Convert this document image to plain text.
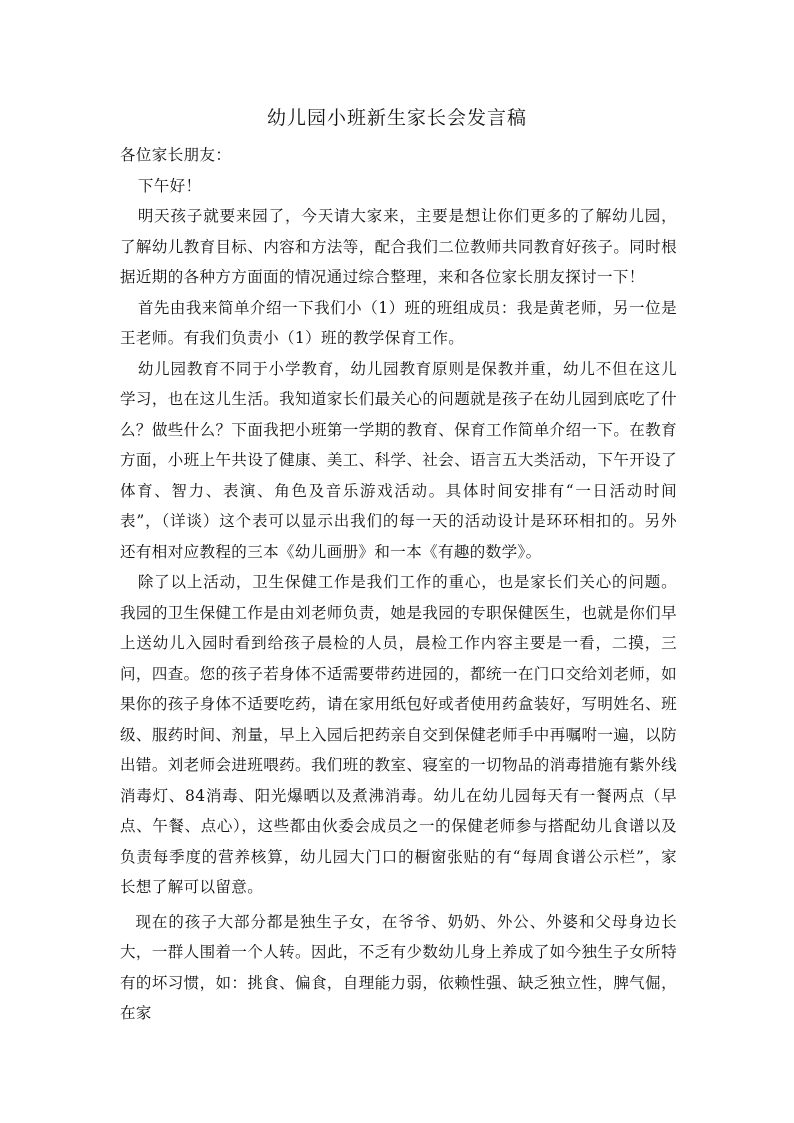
幼儿园小班新生家长会发言稿

各位家长朋友：

下午好！

明天孩子就要来园了，今天请大家来，主要是想让你们更多的了解幼儿园，了解幼儿教育目标、内容和方法等，配合我们二位教师共同教育好孩子。同时根据近期的各种方方面面的情况通过综合整理，来和各位家长朋友探讨一下！

首先由我来简单介绍一下我们小（1）班的班组成员：我是黄老师，另一位是王老师。有我们负责小（1）班的教学保育工作。

幼儿园教育不同于小学教育，幼儿园教育原则是保教并重，幼儿不但在这儿学习，也在这儿生活。我知道家长们最关心的问题就是孩子在幼儿园到底吃了什么？做些什么？下面我把小班第一学期的教育、保育工作简单介绍一下。在教育方面，小班上午共设了健康、美工、科学、社会、语言五大类活动，下午开设了体育、智力、表演、角色及音乐游戏活动。具体时间安排有“一日活动时间表”，（详谈）这个表可以显示出我们的每一天的活动设计是环环相扣的。另外还有相对应教程的三本《幼儿画册》和一本《有趣的数学》。

除了以上活动，卫生保健工作是我们工作的重心，也是家长们关心的问题。我园的卫生保健工作是由刘老师负责，她是我园的专职保健医生，也就是你们早上送幼儿入园时看到给孩子晨检的人员，晨检工作内容主要是一看，二摸，三问，四查。您的孩子若身体不适需要带药进园的，都统一在门口交给刘老师，如果你的孩子身体不适要吃药，请在家用纸包好或者使用药盒装好，写明姓名、班级、服药时间、剂量，早上入园后把药亲自交到保健老师手中再嘱咐一遍，以防出错。刘老师会进班喂药。我们班的教室、寝室的一切物品的消毒措施有紫外线消毒灯、84消毒、阳光爆晒以及煮沸消毒。幼儿在幼儿园每天有一餐两点（早点、午餐、点心），这些都由伙委会成员之一的保健老师参与搭配幼儿食谱以及负责每季度的营养核算，幼儿园大门口的橱窗张贴的有“每周食谱公示栏”，家长想了解可以留意。

现在的孩子大部分都是独生子女，在爷爷、奶奶、外公、外婆和父母身边长大，一群人围着一个人转。因此，不乏有少数幼儿身上养成了如今独生子女所特有的坏习惯，如：挑食、偏食，自理能力弱，依赖性强、缺乏独立性，脾气倔，在家
